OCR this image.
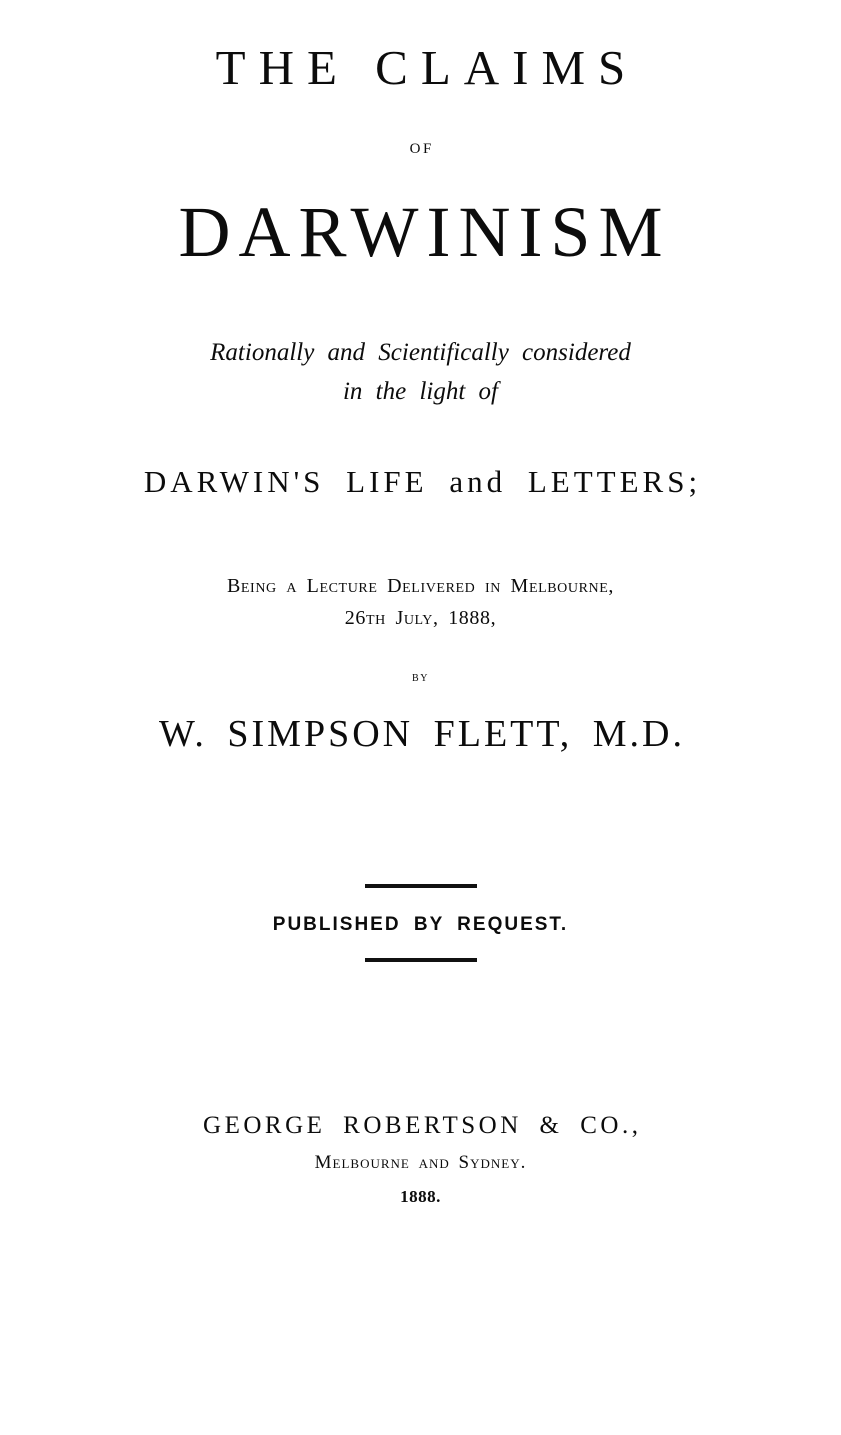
THE CLAIMS
OF
DARWINISM
Rationally and Scientifically considered
in the light of
DARWIN'S LIFE and LETTERS;
Being a Lecture Delivered in Melbourne,
26th July, 1888,
by
W. SIMPSON FLETT, M.D.
PUBLISHED BY REQUEST.
GEORGE ROBERTSON & CO.,
Melbourne and Sydney.
1888.
